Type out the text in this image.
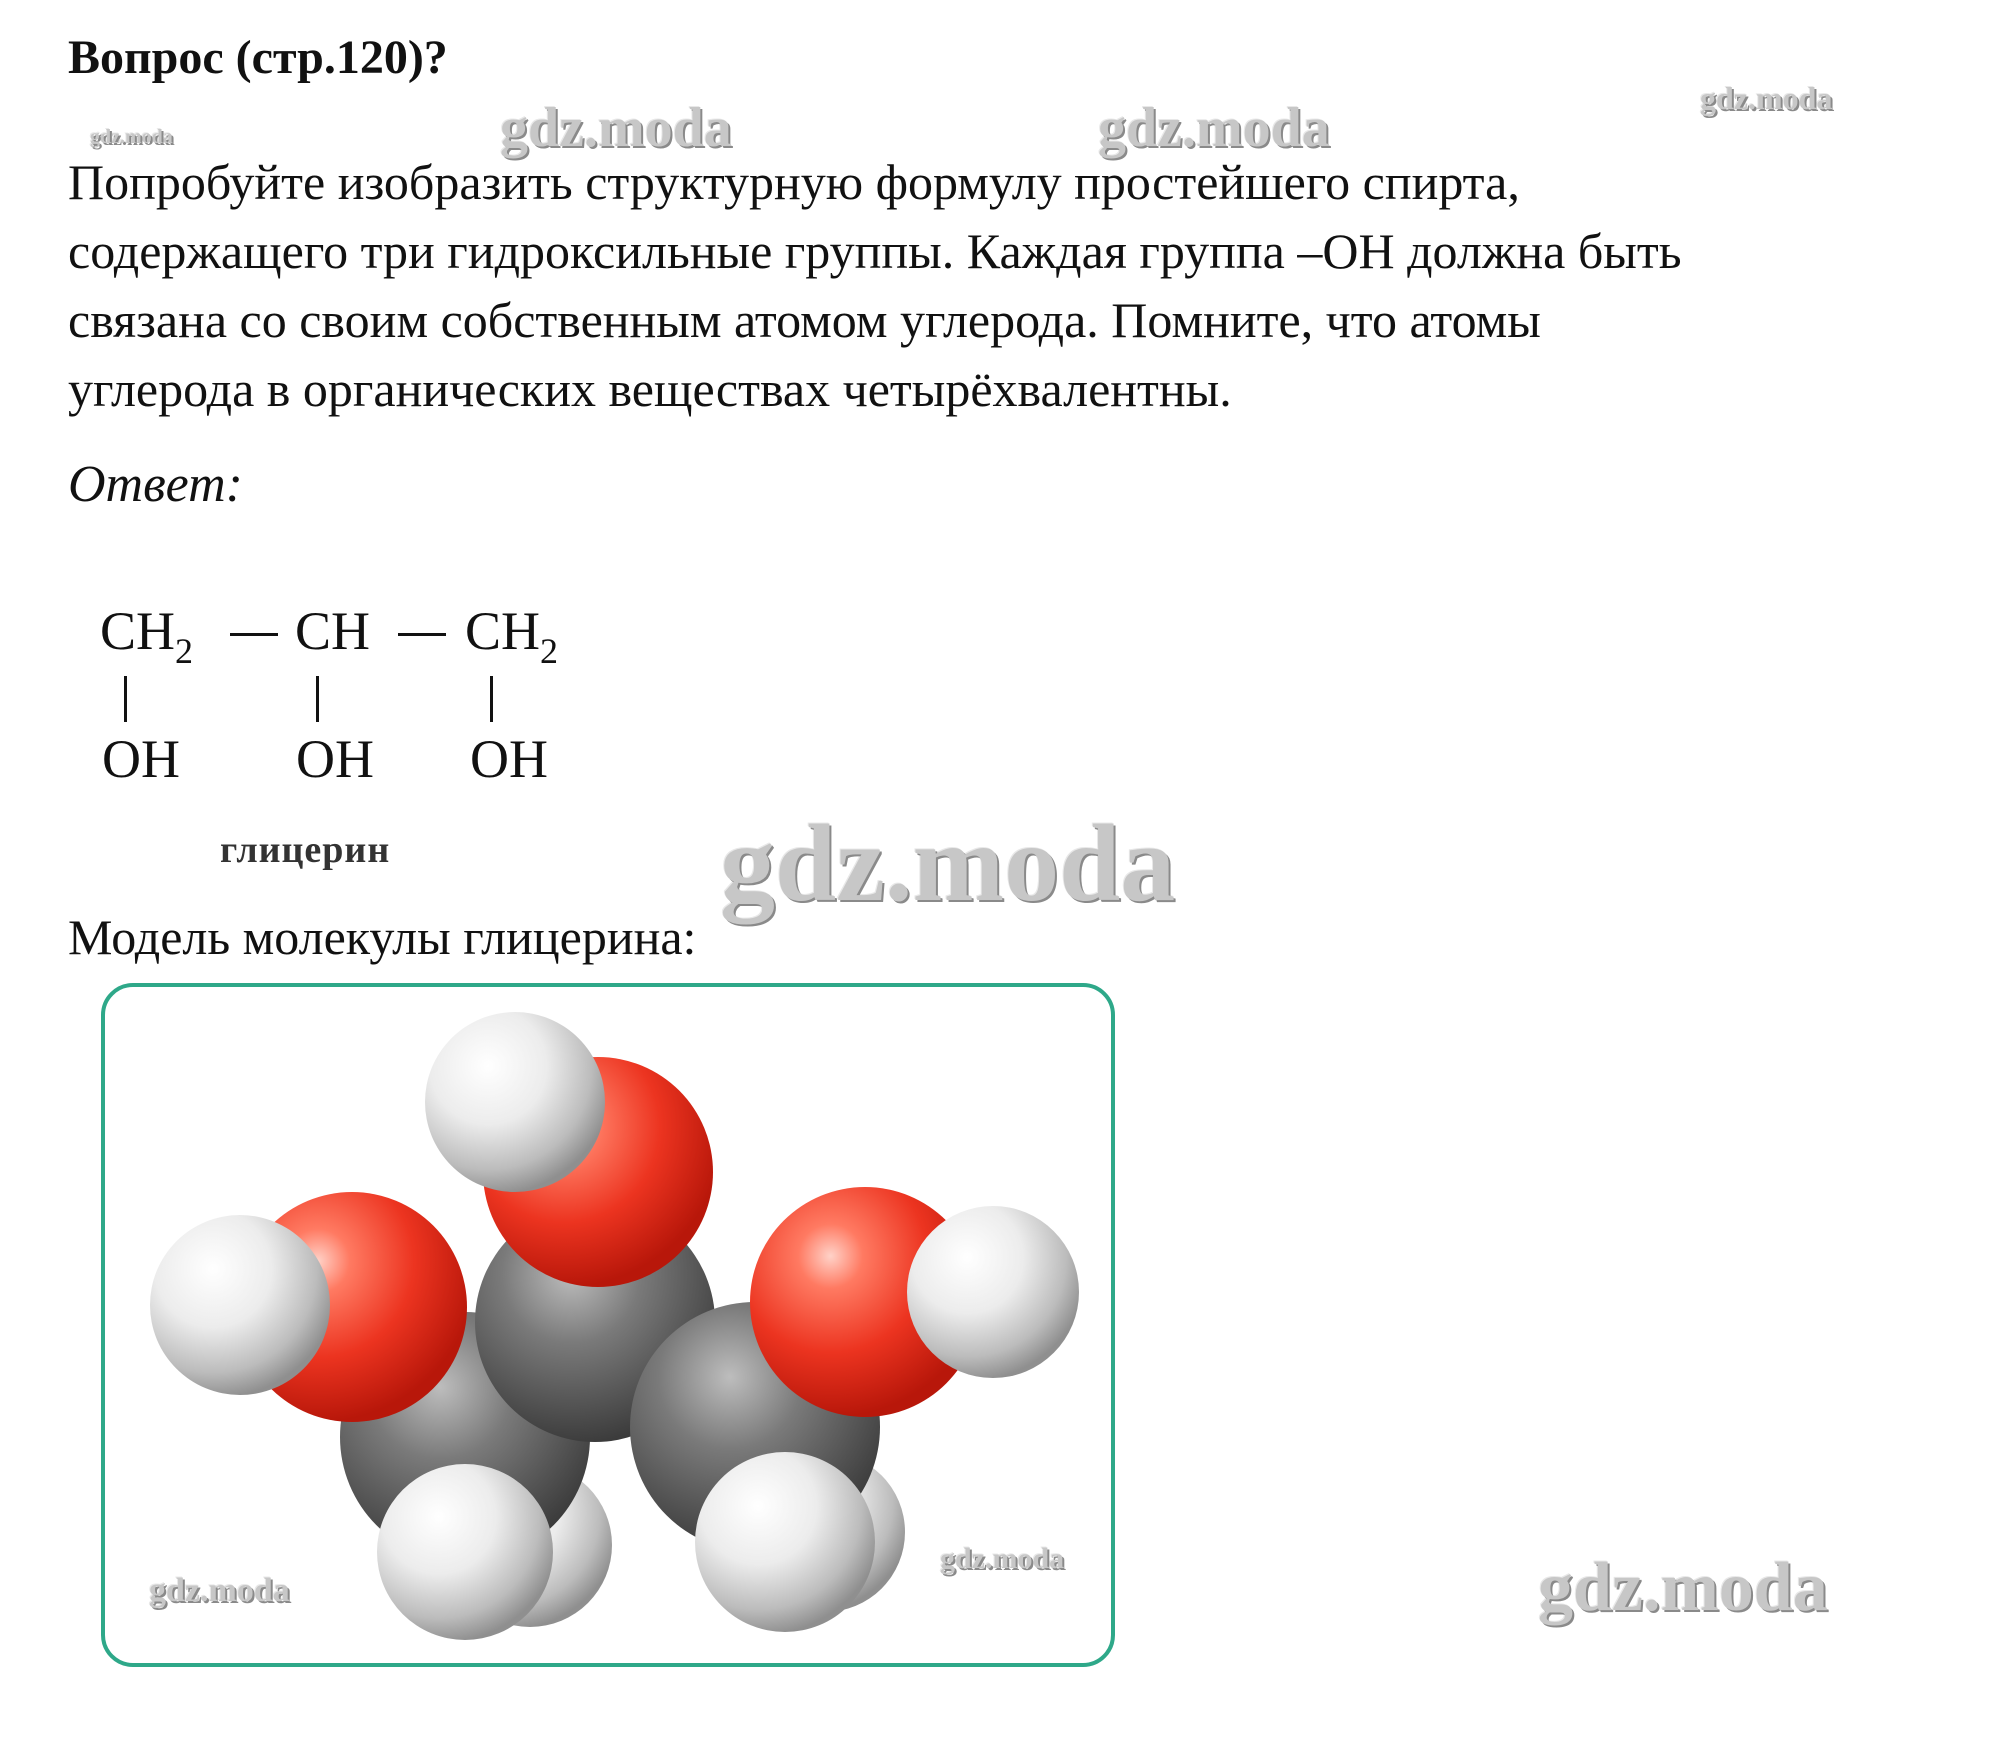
Вопрос (стр.120)?
Попробуйте изобразить структурную формулу простейшего спирта,
содержащего три гидроксильные группы. Каждая группа –ОН должна быть
связана со своим собственным атомом углерода. Помните, что атомы
углерода в органических веществах четырёхвалентны.
Ответ:
$CH_2$ CH $CH_2$
OH OH OH
глицерин
Модель молекулы глицерина:
gdz.moda
gdz.moda
gdz.moda	gdz.moda	gdz.moda	gdz.moda
gdz.moda
gdz.moda
